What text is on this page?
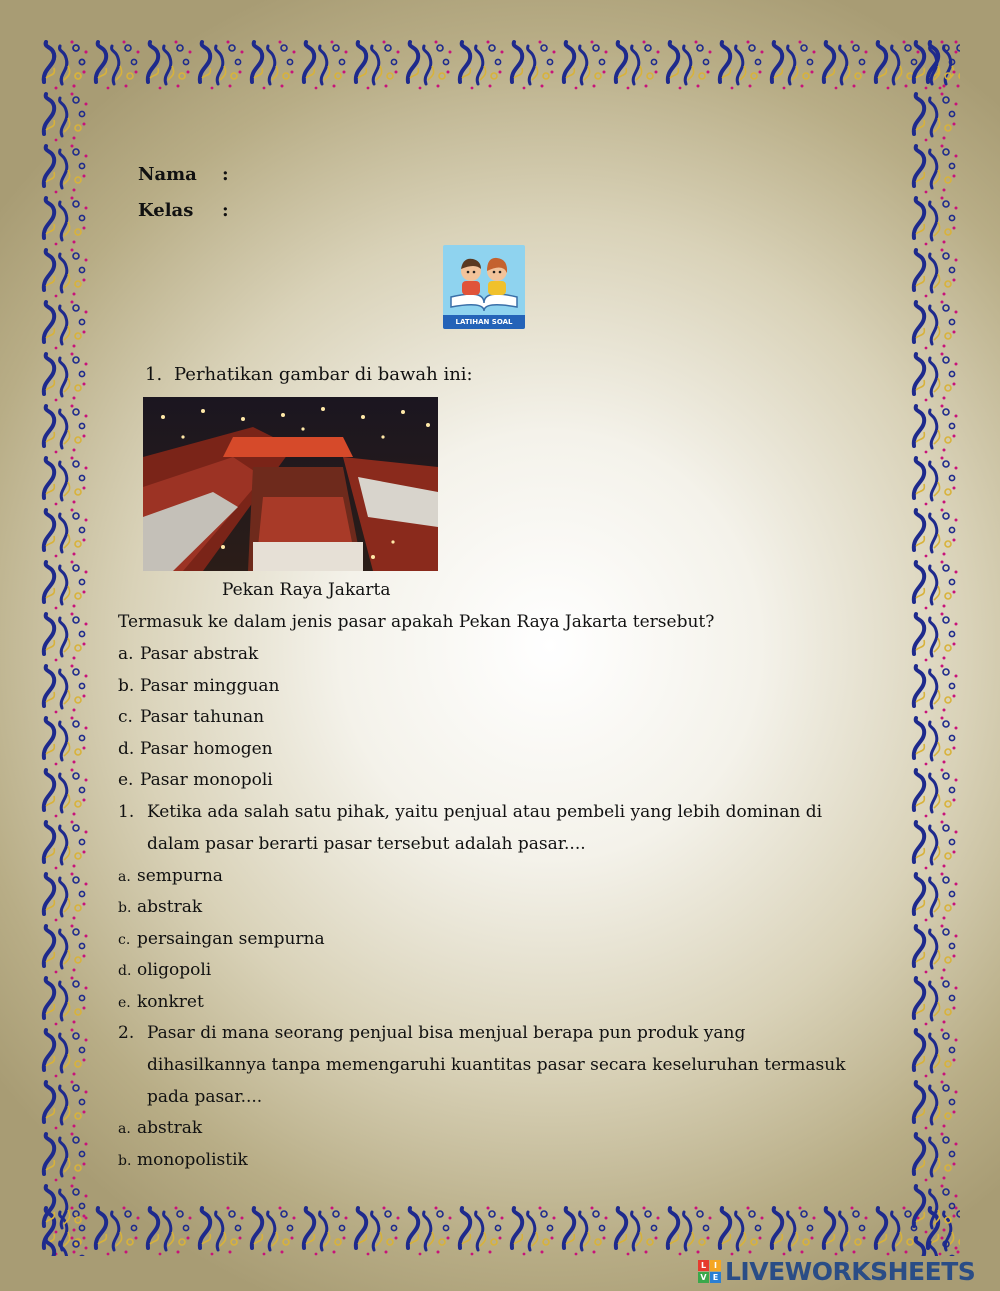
Nama :
Kelas :
LATIHAN SOAL
1. Perhatikan gambar di bawah ini:
Pekan Raya Jakarta
Termasuk ke dalam jenis pasar apakah Pekan Raya Jakarta tersebut?
a. Pasar abstrak
b. Pasar mingguan
c. Pasar tahunan
d. Pasar homogen
e. Pasar monopoli
1. Ketika ada salah satu pihak, yaitu penjual atau pembeli yang lebih dominan di
dalam pasar berarti pasar tersebut adalah pasar....
a. sempurna
b. abstrak
c. persaingan sempurna
d. oligopoli
e. konkret
2. Pasar di mana seorang penjual bisa menjual berapa pun produk yang
dihasilkannya tanpa memengaruhi kuantitas pasar secara keseluruhan termasuk
pada pasar....
a. abstrak
b. monopolistik
L I
V E LIVEWORKSHEETS
